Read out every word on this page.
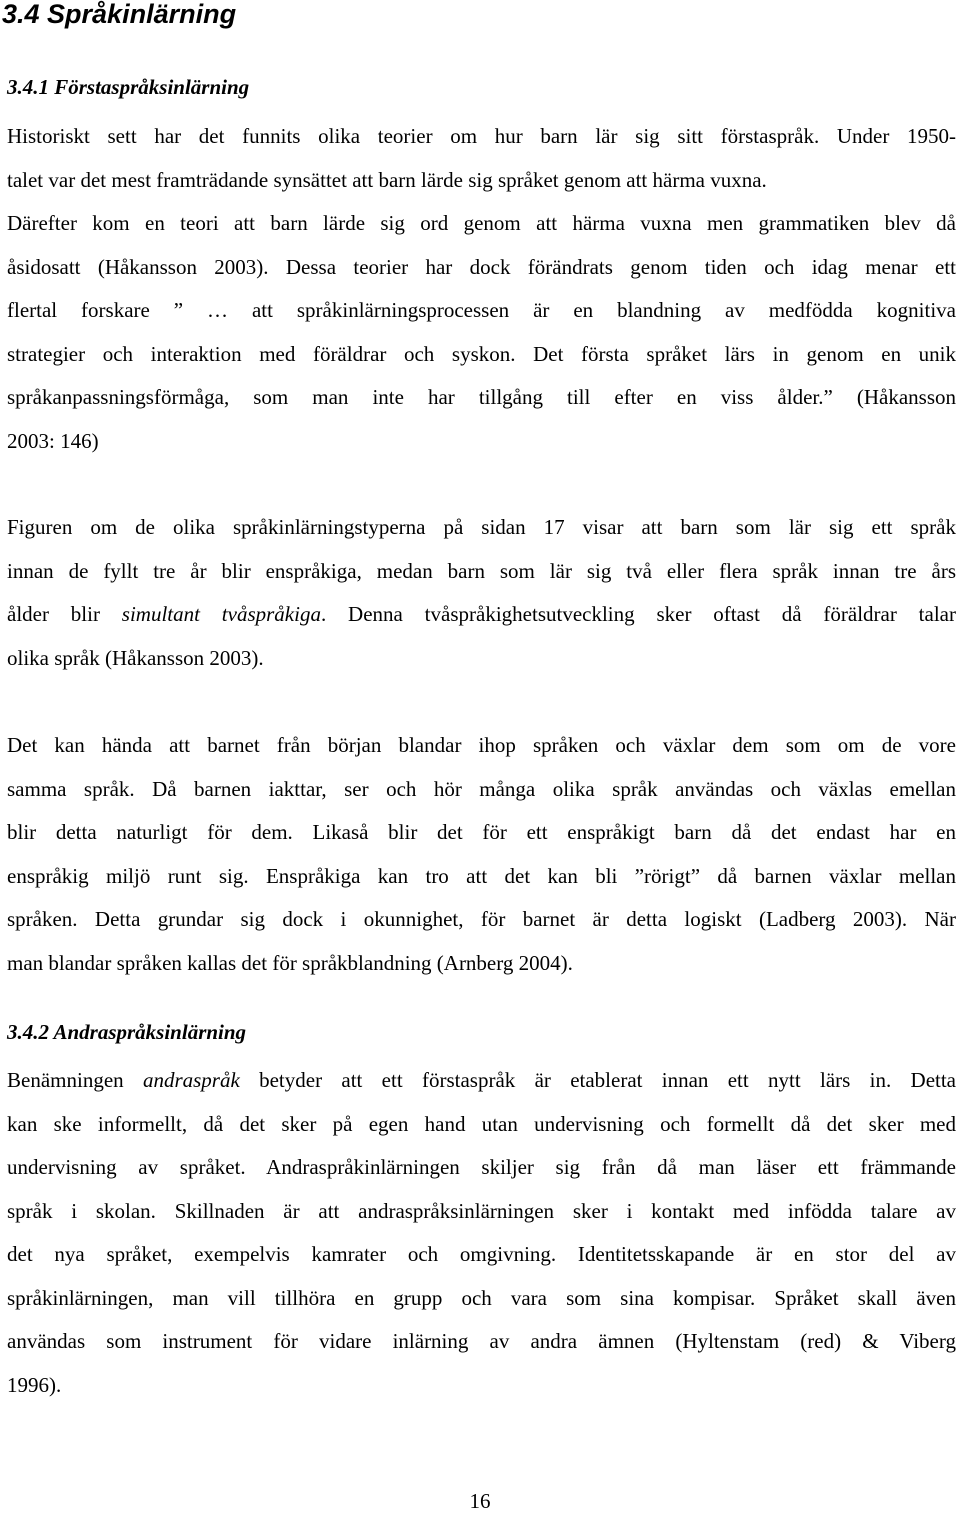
3.4 Språkinlärning
3.4.1 Förstaspråksinlärning
Historiskt sett har det funnits olika teorier om hur barn lär sig sitt förstaspråk. Under 1950-
talet var det mest framträdande synsättet att barn lärde sig språket genom att härma vuxna.
Därefter kom en teori att barn lärde sig ord genom att härma vuxna men grammatiken blev då
åsidosatt (Håkansson 2003). Dessa teorier har dock förändrats genom tiden och idag menar ett
flertal forskare ” … att språkinlärningsprocessen är en blandning av medfödda kognitiva
strategier och interaktion med föräldrar och syskon. Det första språket lärs in genom en unik
språkanpassningsförmåga, som man inte har tillgång till efter en viss ålder.” (Håkansson
2003: 146)
Figuren om de olika språkinlärningstyperna på sidan 17 visar att barn som lär sig ett språk
innan de fyllt tre år blir enspråkiga, medan barn som lär sig två eller flera språk innan tre års
ålder blir simultant tvåspråkiga. Denna tvåspråkighetsutveckling sker oftast då föräldrar talar
olika språk (Håkansson 2003).
Det kan hända att barnet från början blandar ihop språken och växlar dem som om de vore
samma språk. Då barnen iakttar, ser och hör många olika språk användas och växlas emellan
blir detta naturligt för dem. Likaså blir det för ett enspråkigt barn då det endast har en
enspråkig miljö runt sig. Enspråkiga kan tro att det kan bli ”rörigt” då barnen växlar mellan
språken. Detta grundar sig dock i okunnighet, för barnet är detta logiskt (Ladberg 2003). När
man blandar språken kallas det för språkblandning (Arnberg 2004).
3.4.2 Andraspråksinlärning
Benämningen andraspråk betyder att ett förstaspråk är etablerat innan ett nytt lärs in. Detta
kan ske informellt, då det sker på egen hand utan undervisning och formellt då det sker med
undervisning av språket. Andraspråkinlärningen skiljer sig från då man läser ett främmande
språk i skolan. Skillnaden är att andraspråksinlärningen sker i kontakt med infödda talare av
det nya språket, exempelvis kamrater och omgivning. Identitetsskapande är en stor del av
språkinlärningen, man vill tillhöra en grupp och vara som sina kompisar. Språket skall även
användas som instrument för vidare inlärning av andra ämnen (Hyltenstam (red) & Viberg
1996).
16
